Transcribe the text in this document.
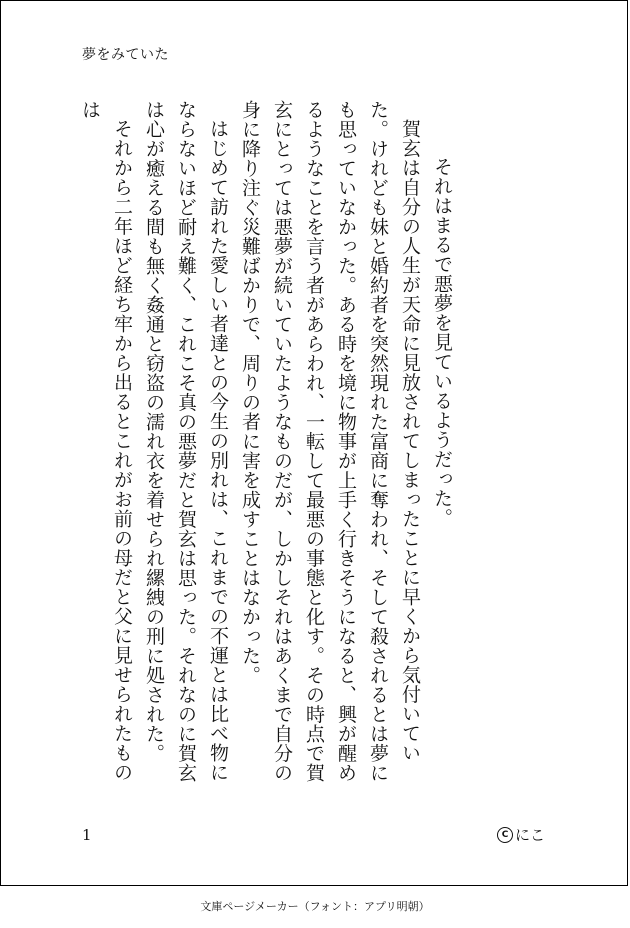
夢をみていた

それはまるで悪夢を見ているようだった。

賀玄は自分の人生が天命に見放されてしまったことに早くから気付いていた。けれども妹と婚約者を突然現れた富商に奪われ、そして殺されるとは夢にも思っていなかった。ある時を境に物事が上手く行きそうになると、興が醒めるようなことを言う者があらわれ、一転して最悪の事態と化す。その時点で賀玄にとっては悪夢が続いていたようなものだが、しかしそれはあくまで自分の身に降り注ぐ災難ばかりで、周りの者に害を成すことはなかった。

はじめて訪れた愛しい者達との今生の別れは、これまでの不運とは比べ物にならないほど耐え難く、これこそ真の悪夢だと賀玄は思った。それなのに賀玄は心が癒える間も無く姦通と窃盗の濡れ衣を着せられ縲絏の刑に処された。

それから二年ほど経ち牢から出るとこれがお前の母だと父に見せられたものは

1	C にこ
文庫ページメーカー（フォント：アプリ明朝）
